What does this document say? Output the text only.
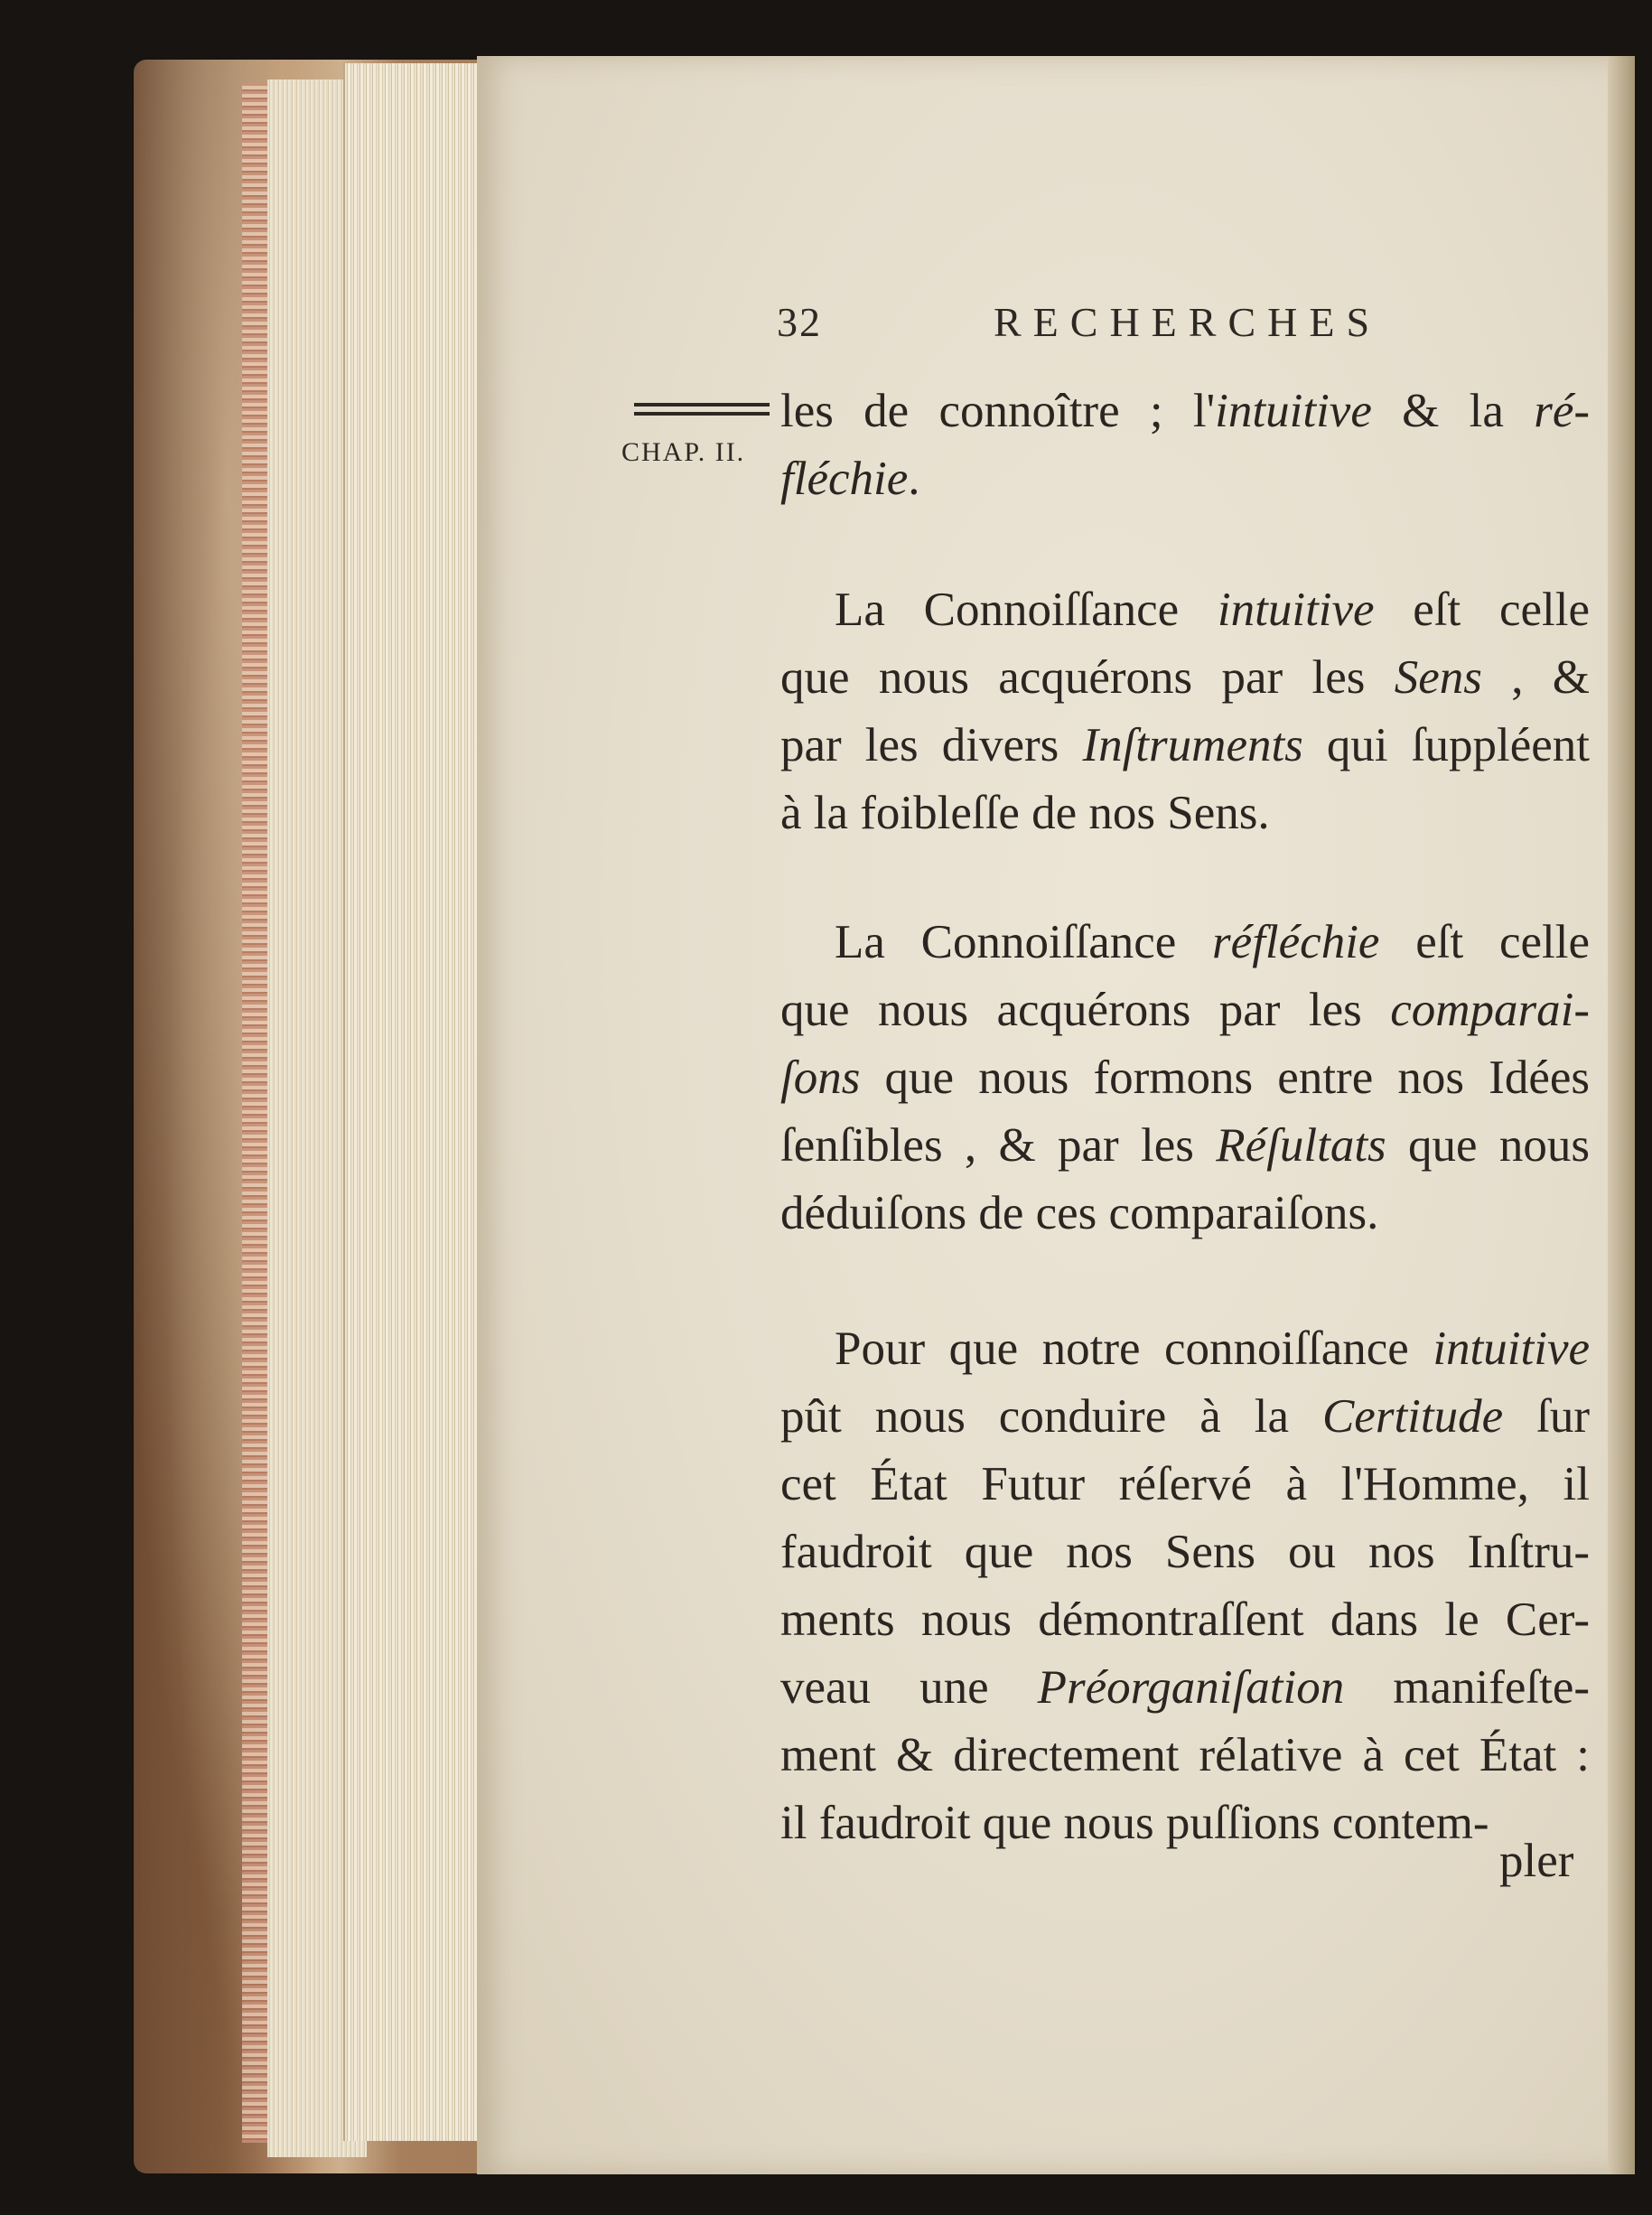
32	RECHERCHES
CHAP. II.
les de connoître ; l'intuitive & la ré-
fléchie.
La Connoiſſance intuitive eſt celle
que nous acquérons par les Sens , &
par les divers Inſtruments qui ſuppléent
à la foibleſſe de nos Sens.
La Connoiſſance réfléchie eſt celle
que nous acquérons par les comparai-
ſons que nous formons entre nos Idées
ſenſibles , & par les Réſultats que nous
déduiſons de ces comparaiſons.
Pour que notre connoiſſance intuitive
pût nous conduire à la Certitude ſur
cet État Futur réſervé à l'Homme, il
faudroit que nos Sens ou nos Inſtru-
ments nous démontraſſent dans le Cer-
veau une Préorganiſation manifeſte-
ment & directement rélative à cet État :
il faudroit que nous puſſions contem-
pler
